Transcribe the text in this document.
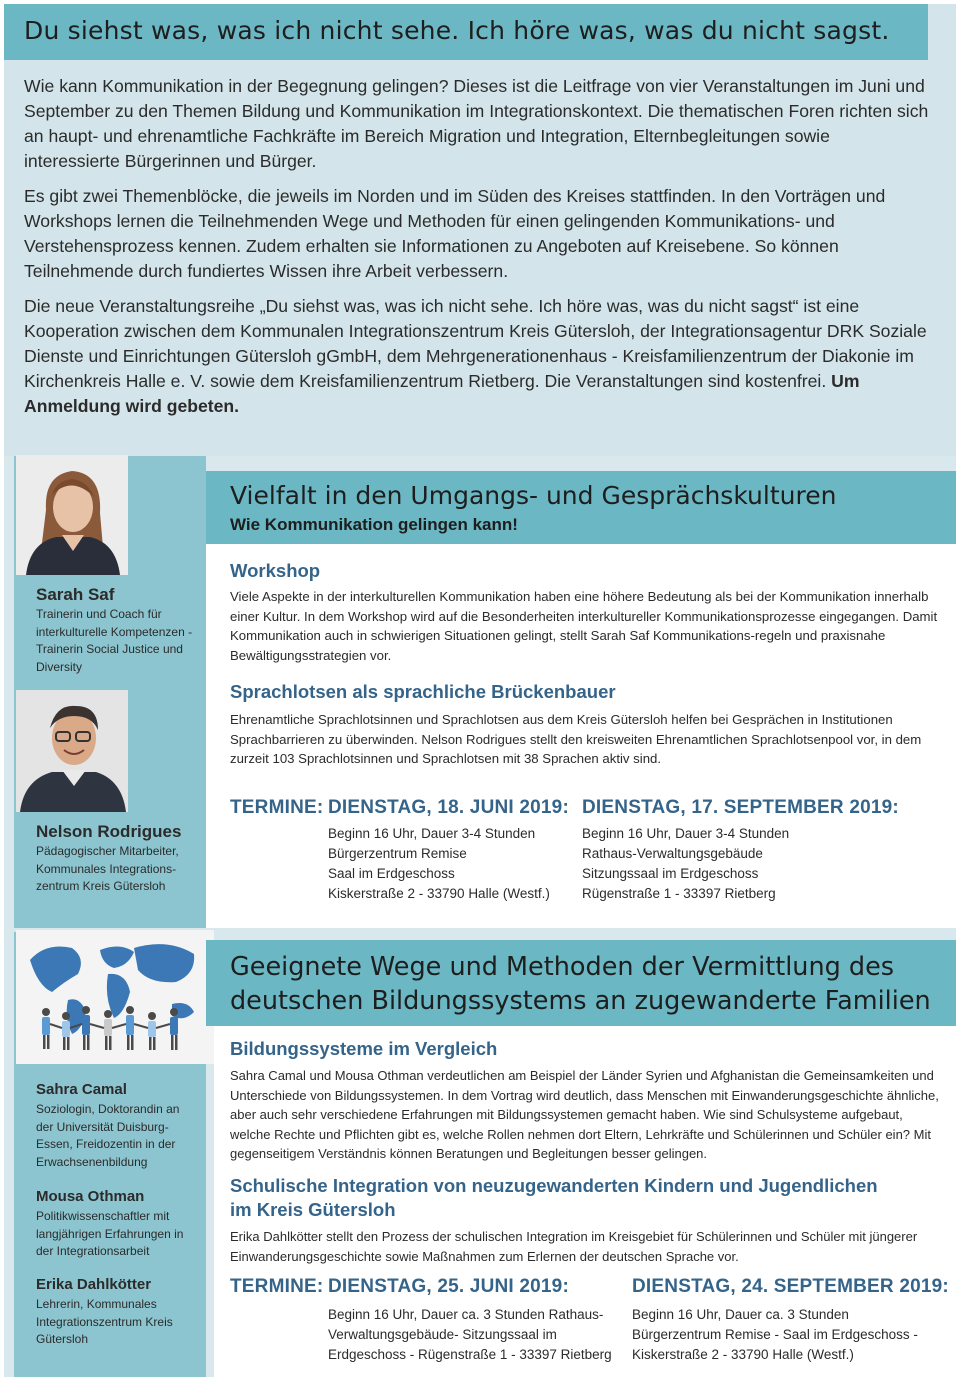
Du siehst was, was ich nicht sehe. Ich höre was, was du nicht sagst.

Wie kann Kommunikation in der Begegnung gelingen? Dieses ist die Leitfrage von vier Veranstaltungen im Juni und September zu den Themen Bildung und Kommunikation im Integrationskontext. Die thematischen Foren richten sich an haupt- und ehrenamtliche Fachkräfte im Bereich Migration und Integration, Elternbegleitungen sowie interessierte Bürgerinnen und Bürger.

Es gibt zwei Themenblöcke, die jeweils im Norden und im Süden des Kreises stattfinden. In den Vorträgen und Workshops lernen die Teilnehmenden Wege und Methoden für einen gelingenden Kommunikations- und Verstehensprozess kennen. Zudem erhalten sie Informationen zu Angeboten auf Kreisebene. So können Teilnehmende durch fundiertes Wissen ihre Arbeit verbessern.

Die neue Veranstaltungsreihe „Du siehst was, was ich nicht sehe. Ich höre was, was du nicht sagst“ ist eine Kooperation zwischen dem Kommunalen Integrationszentrum Kreis Gütersloh, der Integrationsagentur DRK Soziale Dienste und Einrichtungen Gütersloh gGmbH, dem Mehrgenerationenhaus - Kreisfamilienzentrum der Diakonie im Kirchenkreis Halle e. V. sowie dem Kreisfamilienzentrum Rietberg. Die Veranstaltungen sind kostenfrei. Um Anmeldung wird gebeten.

Sarah Saf
Trainerin und Coach für interkulturelle Kompetenzen -Trainerin Social Justice und Diversity
Nelson Rodrigues
Pädagogischer Mitarbeiter, Kommunales Integrations-zentrum Kreis Gütersloh
Sahra Camal
Soziologin, Doktorandin an der Universität Duisburg-Essen, Freidozentin in der Erwachsenenbildung
Mousa Othman
Politikwissenschaftler mit langjährigen Erfahrungen in der Integrationsarbeit
Erika Dahlkötter
Lehrerin, Kommunales Integrationszentrum Kreis Gütersloh
Vielfalt in den Umgangs- und Gesprächskulturen
Wie Kommunikation gelingen kann!
Workshop
Viele Aspekte in der interkulturellen Kommunikation haben eine höhere Bedeutung als bei der Kommunikation innerhalb einer Kultur. In dem Workshop wird auf die Besonderheiten interkultureller Kommunikationsprozesse eingegangen. Damit Kommunikation auch in schwierigen Situationen gelingt, stellt Sarah Saf Kommunikations-regeln und praxisnahe Bewältigungsstrategien vor.
Sprachlotsen als sprachliche Brückenbauer
Ehrenamtliche Sprachlotsinnen und Sprachlotsen aus dem Kreis Gütersloh helfen bei Gesprächen in Institutionen Sprachbarrieren zu überwinden. Nelson Rodrigues stellt den kreisweiten Ehrenamtlichen Sprachlotsenpool vor, in dem zurzeit 103 Sprachlotsinnen und Sprachlotsen mit 38 Sprachen aktiv sind.
TERMINE: DIENSTAG, 18. JUNI 2019:
Beginn 16 Uhr, Dauer 3-4 Stunden
Bürgerzentrum Remise
Saal im Erdgeschoss
Kiskerstraße 2 - 33790 Halle (Westf.)
DIENSTAG, 17. SEPTEMBER 2019:
Beginn 16 Uhr, Dauer 3-4 Stunden
Rathaus-Verwaltungsgebäude
Sitzungssaal im Erdgeschoss
Rügenstraße 1 - 33397 Rietberg
Geeignete Wege und Methoden der Vermittlung des deutschen Bildungssystems an zugewanderte Familien
Bildungssysteme im Vergleich
Sahra Camal und Mousa Othman verdeutlichen am Beispiel der Länder Syrien und Afghanistan die Gemeinsamkeiten und Unterschiede von Bildungssystemen. In dem Vortrag wird deutlich, dass Menschen mit Einwanderungsgeschichte ähnliche, aber auch sehr verschiedene Erfahrungen mit Bildungssystemen gemacht haben. Wie sind Schulsysteme aufgebaut, welche Rechte und Pflichten gibt es, welche Rollen nehmen dort Eltern, Lehrkräfte und Schülerinnen und Schüler ein? Mit gegenseitigem Verständnis können Beratungen und Begleitungen besser gelingen.
Schulische Integration von neuzugewanderten Kindern und Jugendlichen
im Kreis Gütersloh
Erika Dahlkötter stellt den Prozess der schulischen Integration im Kreisgebiet für Schülerinnen und Schüler mit jüngerer Einwanderungsgeschichte sowie Maßnahmen zum Erlernen der deutschen Sprache vor.
TERMINE: DIENSTAG, 25. JUNI 2019:
Beginn 16 Uhr, Dauer ca. 3 Stunden Rathaus-Verwaltungsgebäude- Sitzungssaal im Erdgeschoss - Rügenstraße 1 - 33397 Rietberg
DIENSTAG, 24. SEPTEMBER 2019:
Beginn 16 Uhr, Dauer ca. 3 Stunden Bürgerzentrum Remise - Saal im Erdgeschoss - Kiskerstraße 2 - 33790 Halle (Westf.)
